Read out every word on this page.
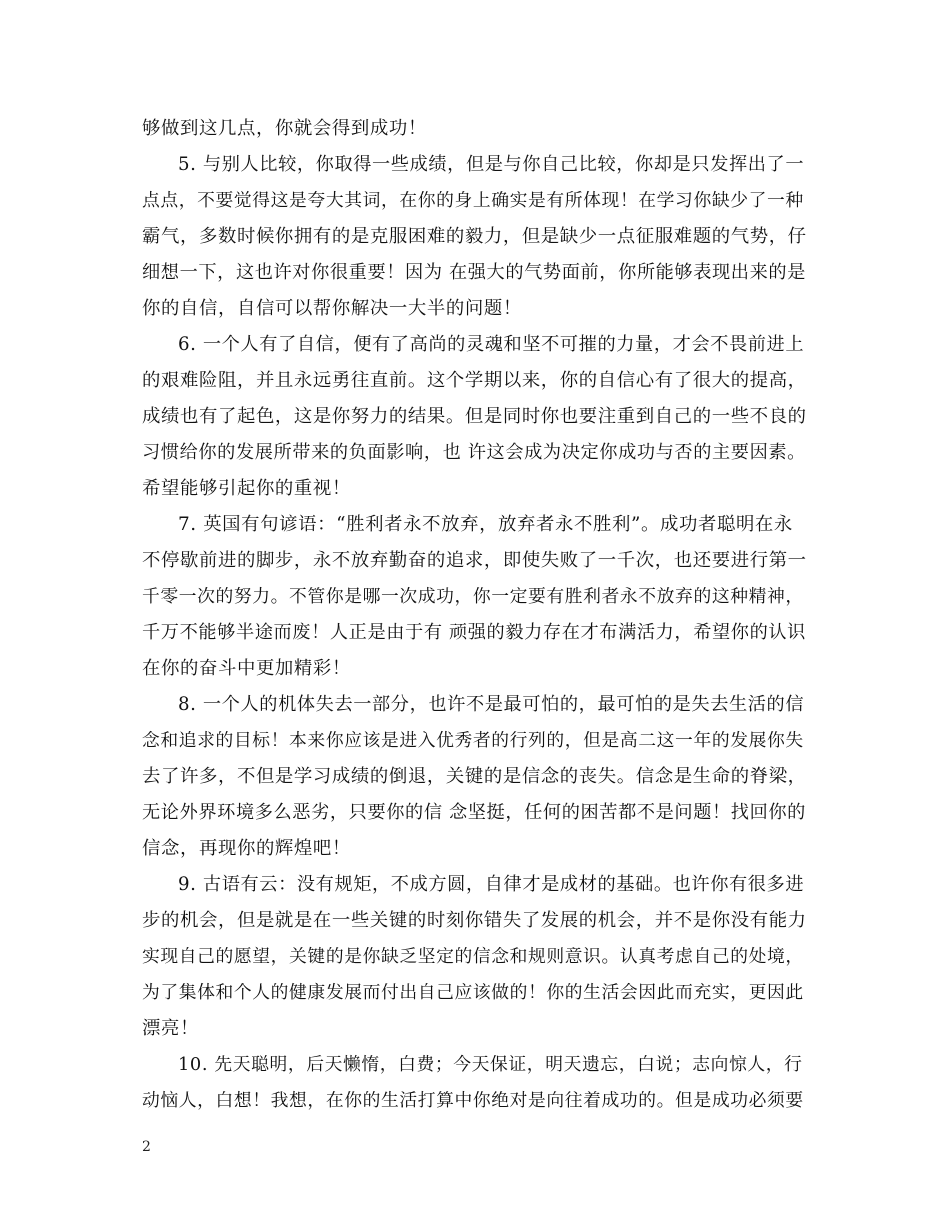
够做到这几点，你就会得到成功！
5. 与别人比较，你取得一些成绩，但是与你自己比较，你却是只发挥出了一
点点，不要觉得这是夸大其词，在你的身上确实是有所体现！在学习你缺少了一种
霸气，多数时候你拥有的是克服困难的毅力，但是缺少一点征服难题的气势，仔
细想一下，这也许对你很重要！因为 在强大的气势面前，你所能够表现出来的是
你的自信，自信可以帮你解决一大半的问题！
6. 一个人有了自信，便有了高尚的灵魂和坚不可摧的力量，才会不畏前进上
的艰难险阻，并且永远勇往直前。这个学期以来，你的自信心有了很大的提高，
成绩也有了起色，这是你努力的结果。但是同时你也要注重到自己的一些不良的
习惯给你的发展所带来的负面影响，也 许这会成为决定你成功与否的主要因素。
希望能够引起你的重视！
7. 英国有句谚语：“胜利者永不放弃，放弃者永不胜利”。成功者聪明在永
不停歇前进的脚步，永不放弃勤奋的追求，即使失败了一千次，也还要进行第一
千零一次的努力。不管你是哪一次成功，你一定要有胜利者永不放弃的这种精神，
千万不能够半途而废！人正是由于有 顽强的毅力存在才布满活力，希望你的认识
在你的奋斗中更加精彩！
8. 一个人的机体失去一部分，也许不是最可怕的，最可怕的是失去生活的信
念和追求的目标！本来你应该是进入优秀者的行列的，但是高二这一年的发展你失
去了许多，不但是学习成绩的倒退，关键的是信念的丧失。信念是生命的脊梁，
无论外界环境多么恶劣，只要你的信 念坚挺，任何的困苦都不是问题！找回你的
信念，再现你的辉煌吧！
9. 古语有云：没有规矩，不成方圆，自律才是成材的基础。也许你有很多进
步的机会，但是就是在一些关键的时刻你错失了发展的机会，并不是你没有能力
实现自己的愿望，关键的是你缺乏坚定的信念和规则意识。认真考虑自己的处境，
为了集体和个人的健康发展而付出自己应该做的！你的生活会因此而充实，更因此
漂亮！
10. 先天聪明，后天懒惰，白费；今天保证，明天遗忘，白说；志向惊人，行
动恼人，白想！我想，在你的生活打算中你绝对是向往着成功的。但是成功必须要
2
